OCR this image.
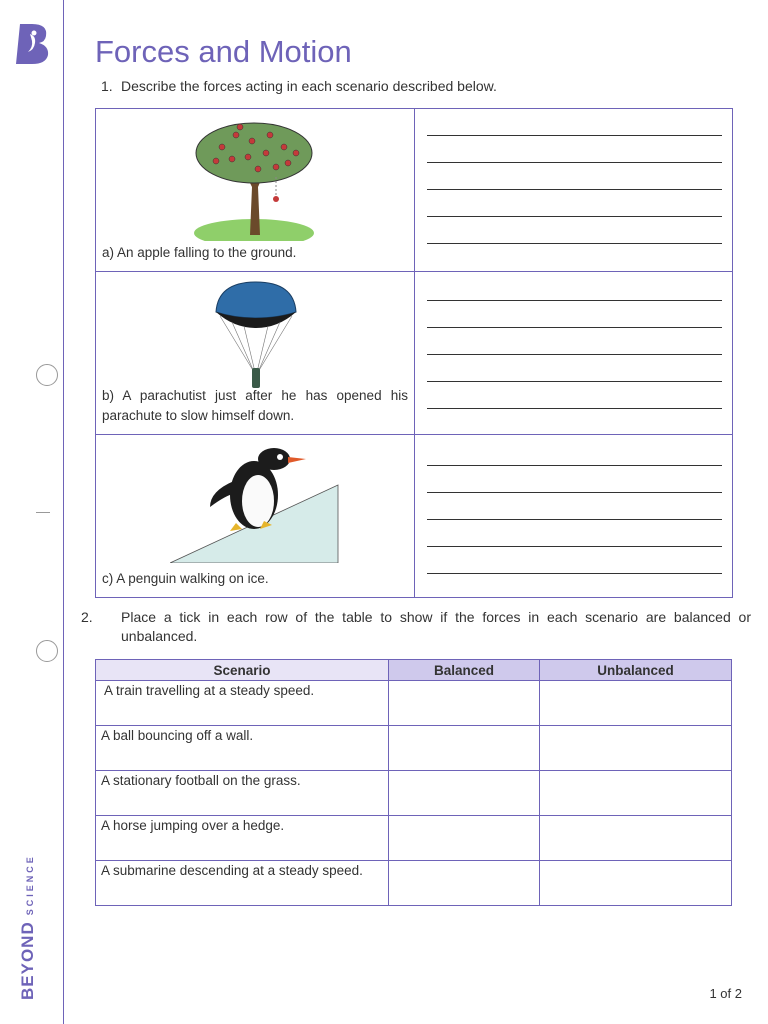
BEYONDSCIENCE
Forces and Motion
1. Describe the forces acting in each scenario described below.
a) An apple falling to the ground.
b) A parachutist just after he has opened his parachute to slow himself down.
c) A penguin walking on ice.
2. Place a tick in each row of the table to show if the forces in each scenario are balanced or unbalanced.
Scenario	Balanced	Unbalanced
A train travelling at a steady speed.		
A ball bouncing off a wall.		
A stationary football on the grass.		
A horse jumping over a hedge.		
A submarine descending at a steady speed.		
1 of 2
